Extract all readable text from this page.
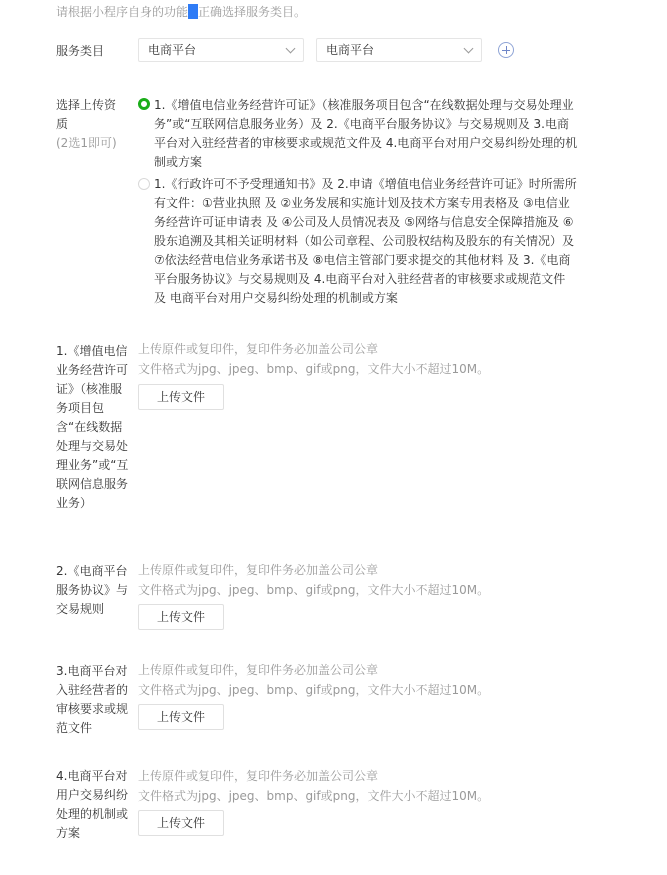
请根据小程序自身的功能 正确选择服务类目。
服务类目	电商平台	电商平台
选择上传资质
(2选1即可)
1.《增值电信业务经营许可证》（核准服务项目包含“在线数据处理与交易处理业务”或“互联网信息服务业务）及 2.《电商平台服务协议》与交易规则及 3.电商平台对入驻经营者的审核要求或规范文件及 4.电商平台对用户交易纠纷处理的机制或方案
1.《行政许可不予受理通知书》及 2.申请《增值电信业务经营许可证》时所需所有文件：①营业执照 及 ②业务发展和实施计划及技术方案专用表格及 ③电信业务经营许可证申请表 及 ④公司及人员情况表及 ⑤网络与信息安全保障措施及 ⑥股东追溯及其相关证明材料（如公司章程、公司股权结构及股东的有关情况）及 ⑦依法经营电信业务承诺书及 ⑧电信主管部门要求提交的其他材料 及 3.《电商平台服务协议》与交易规则及 4.电商平台对入驻经营者的审核要求或规范文件 及 电商平台对用户交易纠纷处理的机制或方案
1.《增值电信业务经营许可证》（核准服务项目包含“在线数据处理与交易处理业务”或“互联网信息服务业务）
上传原件或复印件，复印件务必加盖公司公章
文件格式为jpg、jpeg、bmp、gif或png，文件大小不超过10M。
上传文件
2.《电商平台服务协议》与交易规则
上传原件或复印件，复印件务必加盖公司公章
文件格式为jpg、jpeg、bmp、gif或png，文件大小不超过10M。
上传文件
3.电商平台对入驻经营者的审核要求或规范文件
上传原件或复印件，复印件务必加盖公司公章
文件格式为jpg、jpeg、bmp、gif或png，文件大小不超过10M。
上传文件
4.电商平台对用户交易纠纷处理的机制或方案
上传原件或复印件，复印件务必加盖公司公章
文件格式为jpg、jpeg、bmp、gif或png，文件大小不超过10M。
上传文件
